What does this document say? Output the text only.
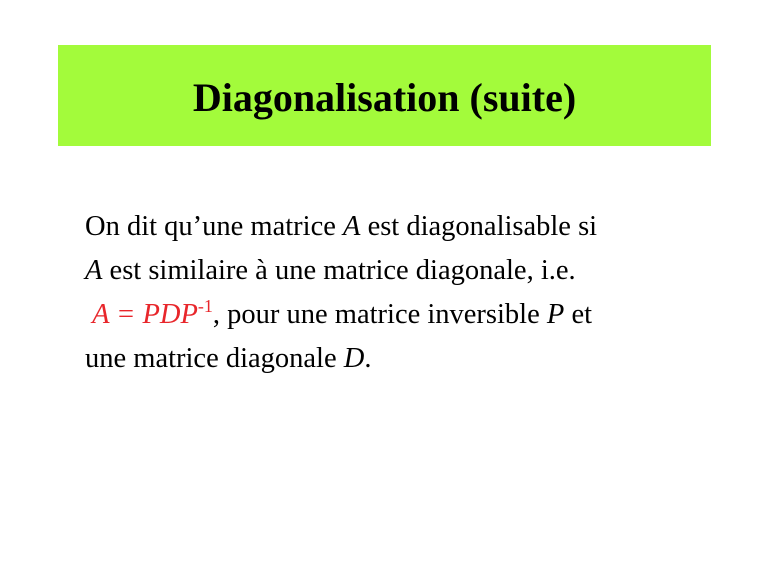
Diagonalisation (suite)
On dit qu’une matrice A est diagonalisable si
A est similaire à une matrice diagonale, i.e.
$A = PDP^{-1}$, pour une matrice inversible P et
une matrice diagonale D.
